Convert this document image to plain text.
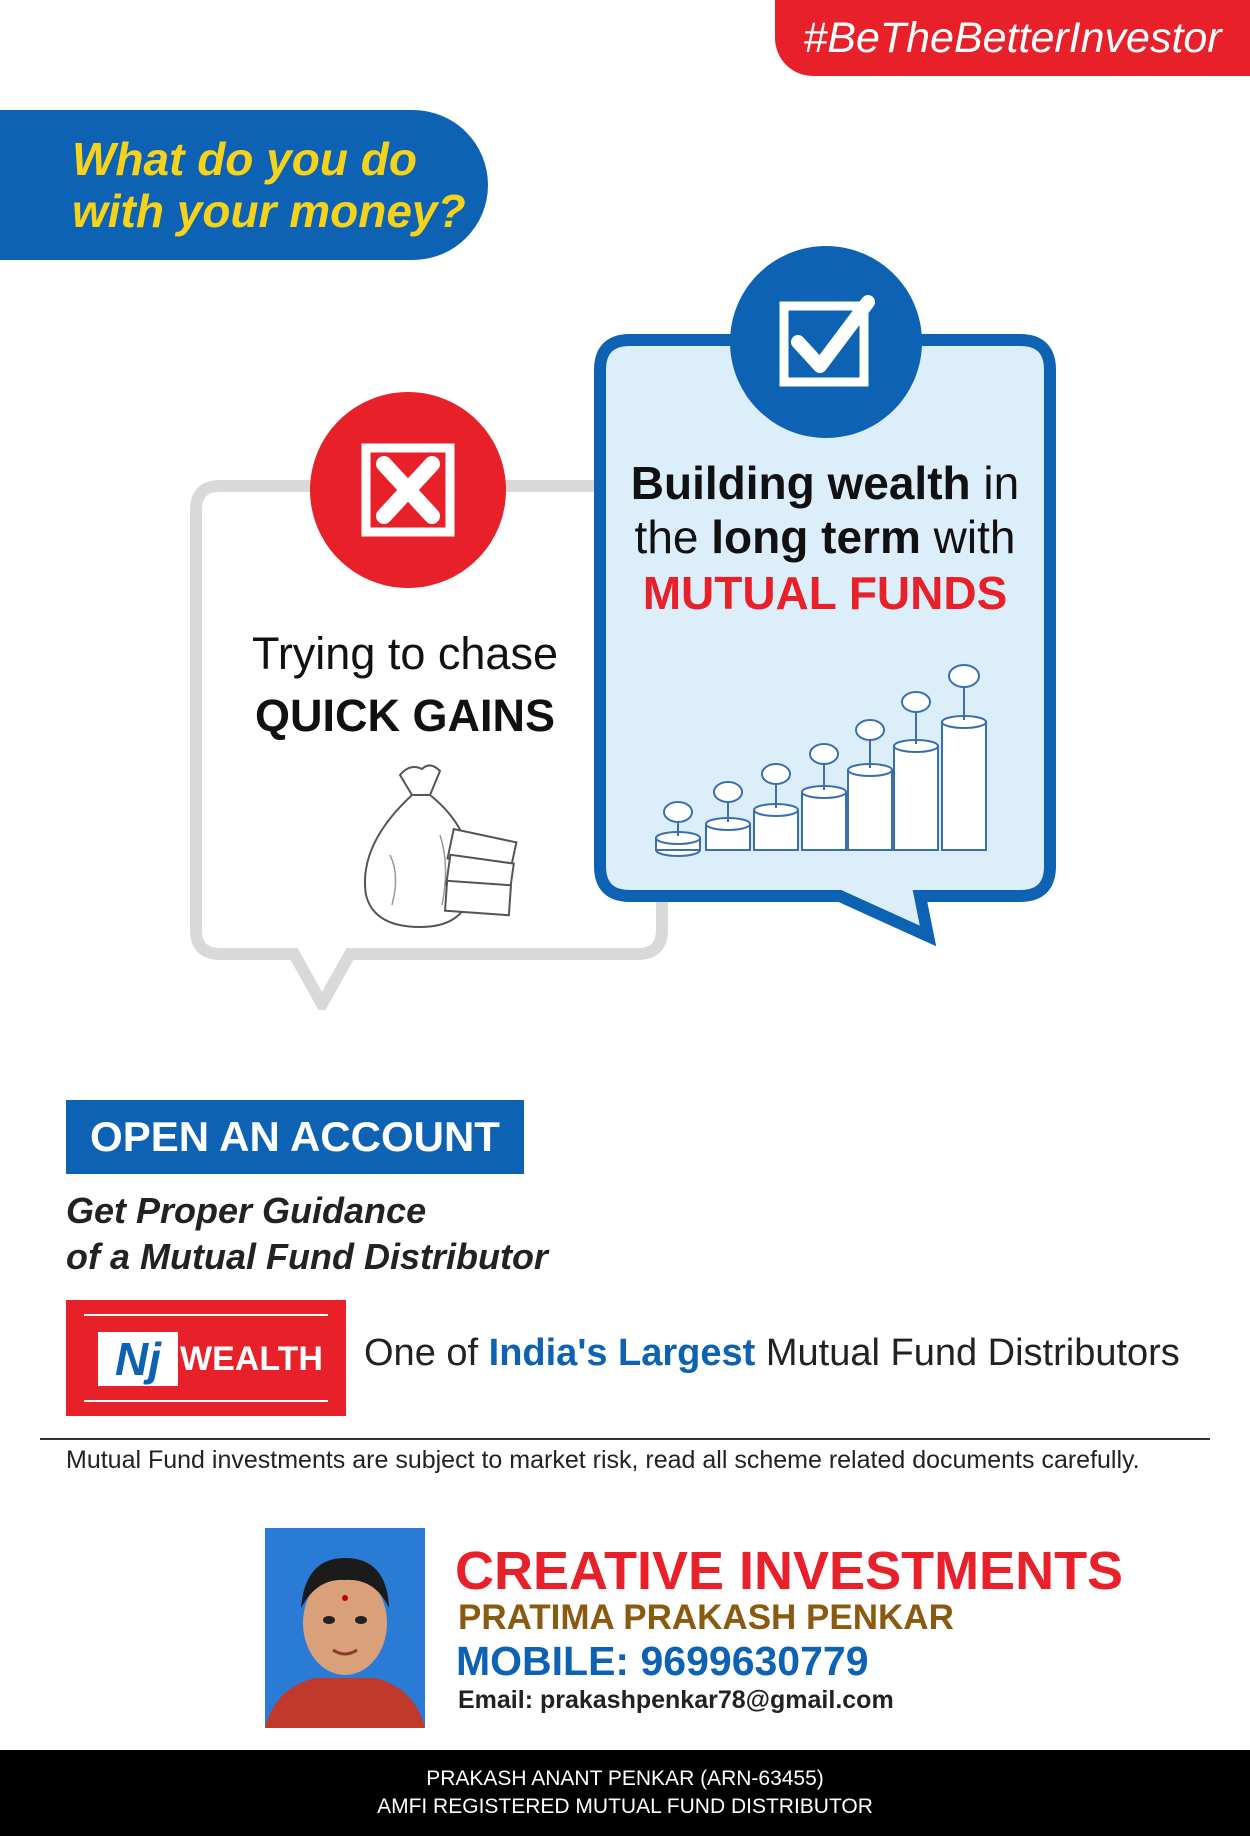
#BeTheBetterInvestor
What do you do
with your money?
Trying to chase
QUICK GAINS
Building wealth in
the long term with
MUTUAL FUNDS
OPEN AN ACCOUNT
Get Proper Guidance
of a Mutual Fund Distributor
Nj WEALTH One of India's Largest Mutual Fund Distributors
Mutual Fund investments are subject to market risk, read all scheme related documents carefully.
CREATIVE INVESTMENTS
PRATIMA PRAKASH PENKAR
MOBILE: 9699630779
Email: prakashpenkar78@gmail.com
PRAKASH ANANT PENKAR (ARN-63455)
AMFI REGISTERED MUTUAL FUND DISTRIBUTOR
